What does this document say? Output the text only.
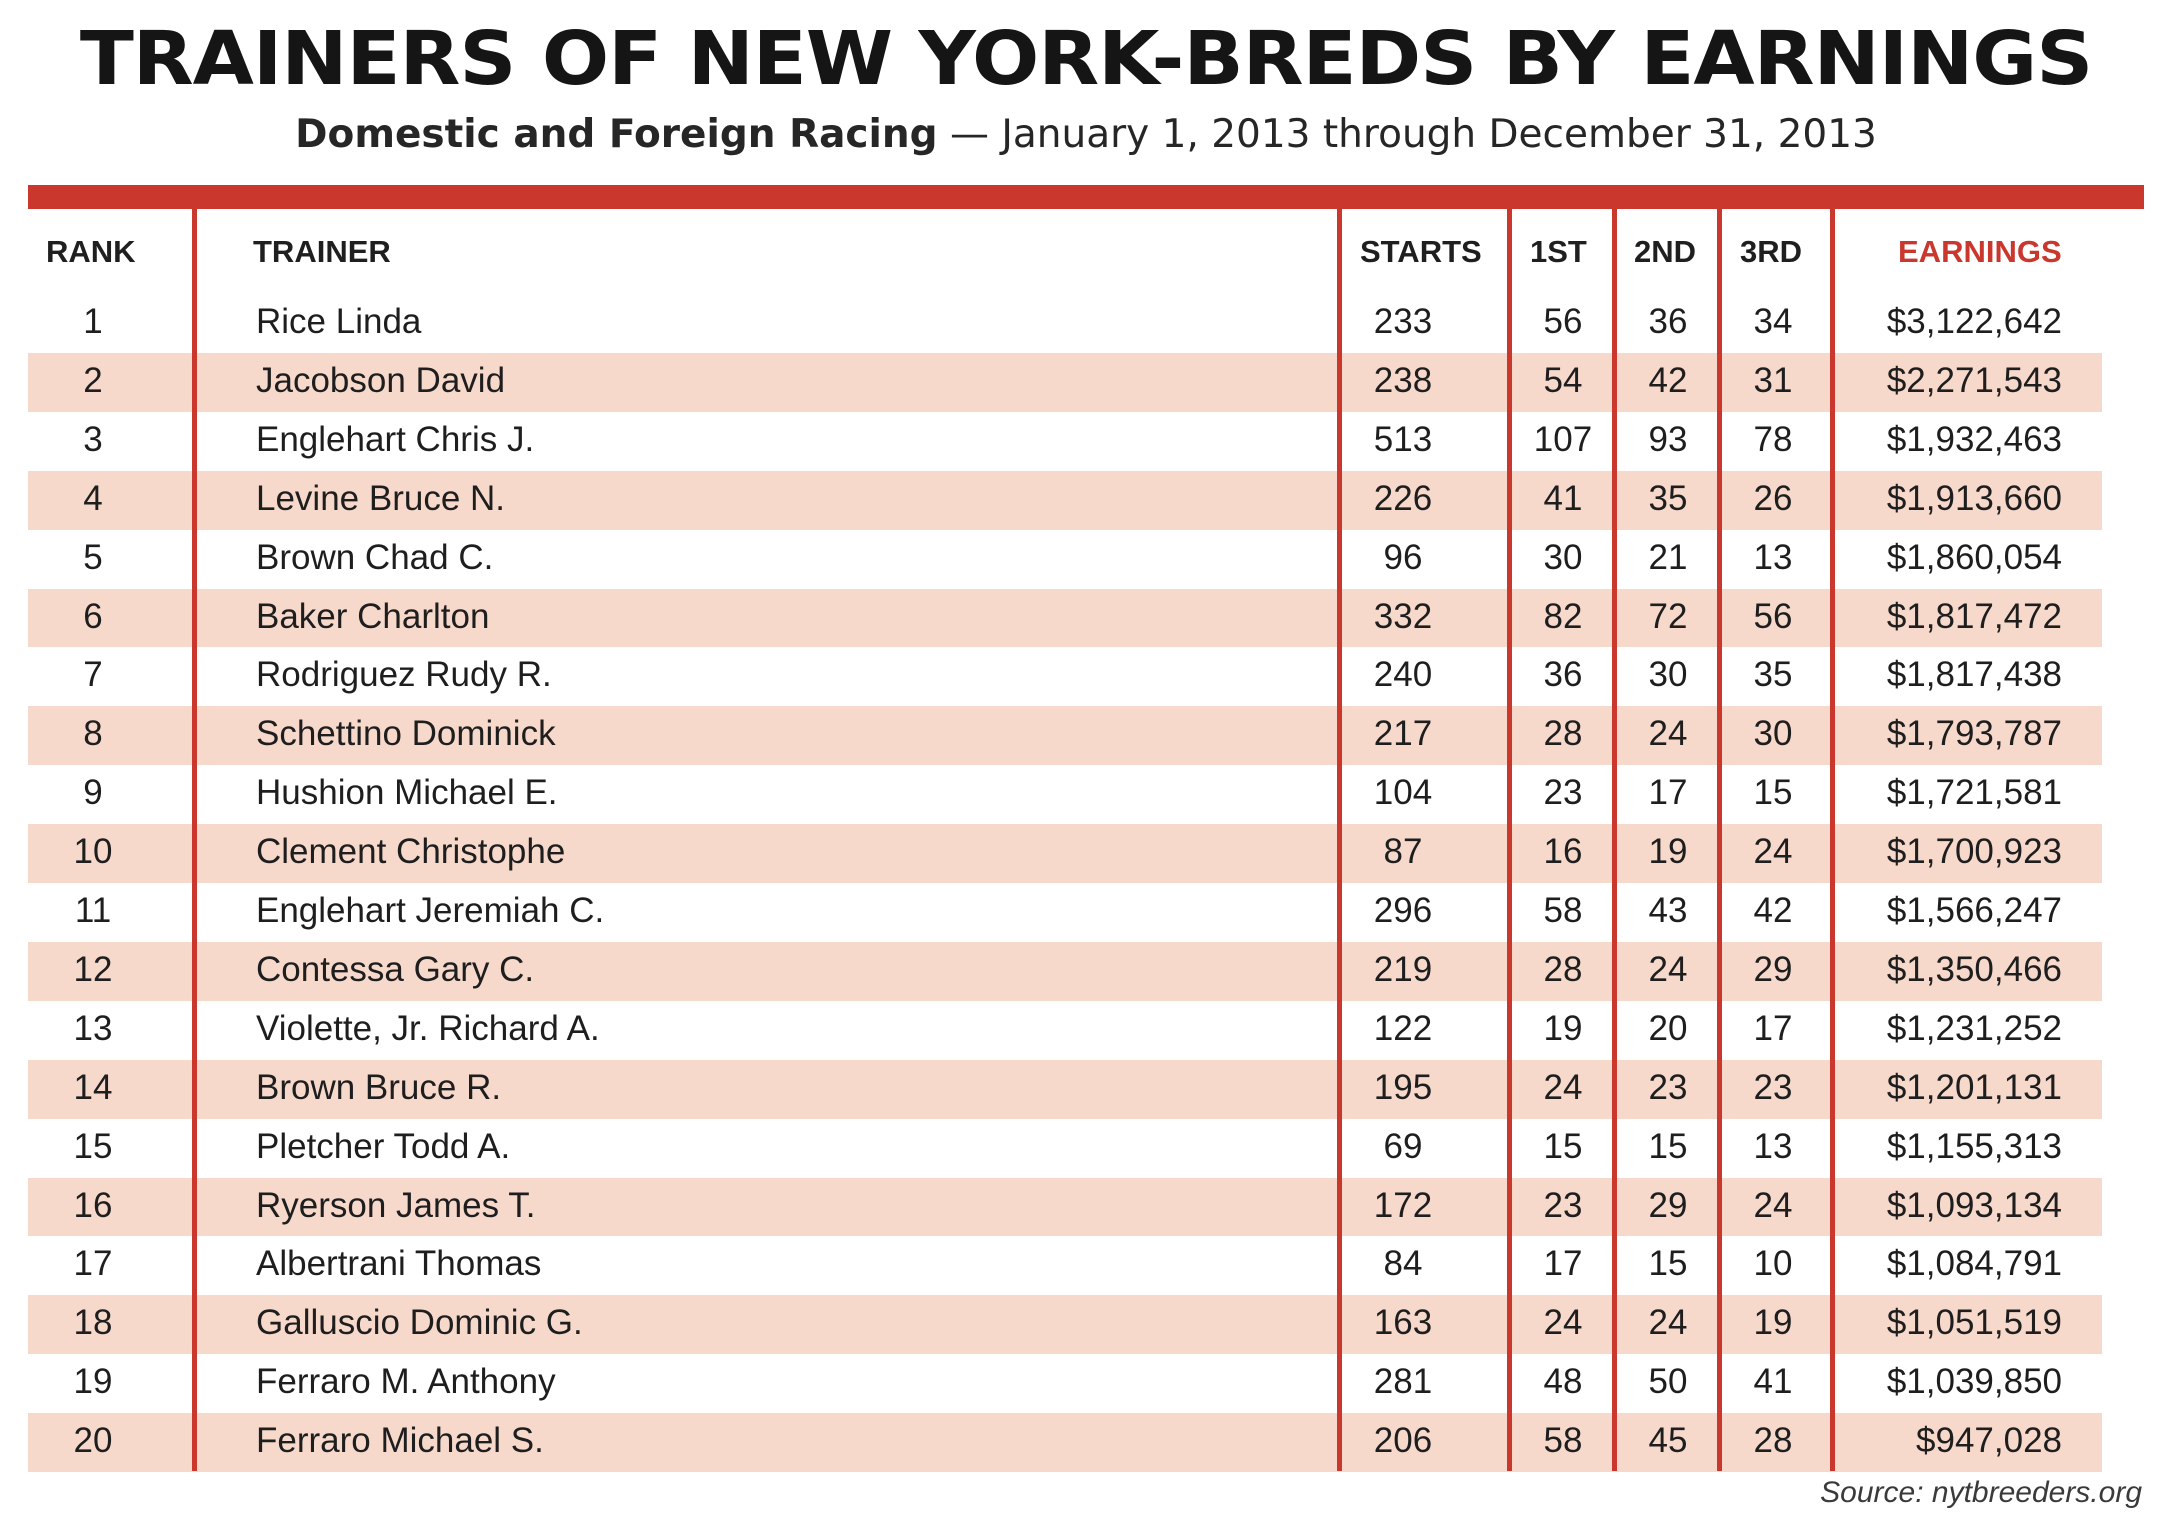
TRAINERS OF NEW YORK-BREDS BY EARNINGS
Domestic and Foreign Racing — January 1, 2013 through December 31, 2013
RANK	TRAINER	STARTS 1ST 2ND 3RD	EARNINGS
1	Rice Linda	233	56	36	34	$3,122,642
2	Jacobson David	238	54	42	31	$2,271,543
3	Englehart Chris J.	513	107	93	78	$1,932,463
4	Levine Bruce N.	226	41	35	26	$1,913,660
5	Brown Chad C.	96	30	21	13	$1,860,054
6	Baker Charlton	332	82	72	56	$1,817,472
7	Rodriguez Rudy R.	240	36	30	35	$1,817,438
8	Schettino Dominick	217	28	24	30	$1,793,787
9	Hushion Michael E.	104	23	17	15	$1,721,581
10	Clement Christophe	87	16	19	24	$1,700,923
11	Englehart Jeremiah C.	296	58	43	42	$1,566,247
12	Contessa Gary C.	219	28	24	29	$1,350,466
13	Violette, Jr. Richard A.	122	19	20	17	$1,231,252
14	Brown Bruce R.	195	24	23	23	$1,201,131
15	Pletcher Todd A.	69	15	15	13	$1,155,313
16	Ryerson James T.	172	23	29	24	$1,093,134
17	Albertrani Thomas	84	17	15	10	$1,084,791
18	Galluscio Dominic G.	163	24	24	19	$1,051,519
19	Ferraro M. Anthony	281	48	50	41	$1,039,850
20	Ferraro Michael S.	206	58	45	28	$947,028
Source: nytbreeders.org
